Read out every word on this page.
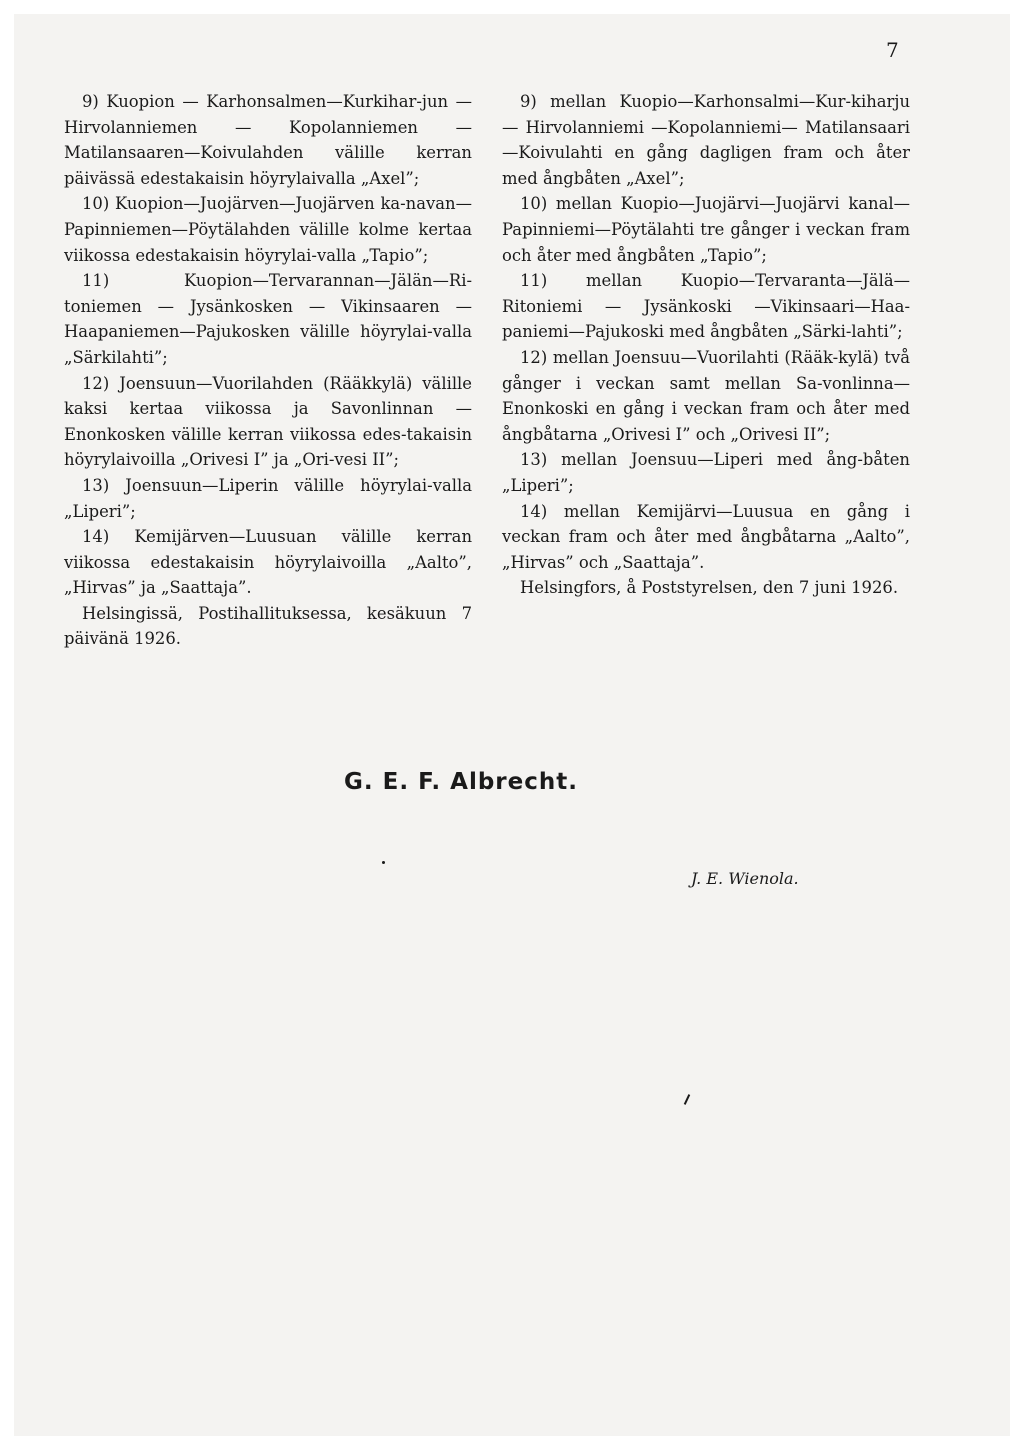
7

9) Kuopion — Karhonsalmen—Kurkihar-jun — Hirvolanniemen — Kopolanniemen — Matilansaaren—Koivulahden välille kerran päivässä edestakaisin höyrylaivalla „Axel”;

10) Kuopion—Juojärven—Juojärven ka-navan—Papinniemen—Pöytälahden välille kolme kertaa viikossa edestakaisin höyrylai-valla „Tapio”;

11) Kuopion—Tervarannan—Jälän—Ri-toniemen — Jysänkosken — Vikinsaaren — Haapaniemen—Pajukosken välille höyrylai-valla „Särkilahti”;

12) Joensuun—Vuorilahden (Rääkkylä) välille kaksi kertaa viikossa ja Savonlinnan —Enonkosken välille kerran viikossa edes-takaisin höyrylaivoilla „Orivesi I” ja „Ori-vesi II”;

13) Joensuun—Liperin välille höyrylai-valla „Liperi”;

14) Kemijärven—Luusuan välille kerran viikossa edestakaisin höyrylaivoilla „Aalto”, „Hirvas” ja „Saattaja”.

Helsingissä, Postihallituksessa, kesäkuun 7 päivänä 1926.

9) mellan Kuopio—Karhonsalmi—Kur-kiharju — Hirvolanniemi —Kopolanniemi— Matilansaari—Koivulahti en gång dagligen fram och åter med ångbåten „Axel”;

10) mellan Kuopio—Juojärvi—Juojärvi kanal—Papinniemi—Pöytälahti tre gånger i veckan fram och åter med ångbåten „Tapio”;

11) mellan Kuopio—Tervaranta—Jälä—Ritoniemi — Jysänkoski —Vikinsaari—Haa-paniemi—Pajukoski med ångbåten „Särki-lahti”;

12) mellan Joensuu—Vuorilahti (Rääk-kylä) två gånger i veckan samt mellan Sa-vonlinna—Enonkoski en gång i veckan fram och åter med ångbåtarna „Orivesi I” och „Orivesi II”;

13) mellan Joensuu—Liperi med ång-båten „Liperi”;

14) mellan Kemijärvi—Luusua en gång i veckan fram och åter med ångbåtarna „Aalto”, „Hirvas” och „Saattaja”.

Helsingfors, å Poststyrelsen, den 7 juni 1926.

G. E. F. Albrecht.
J. E. Wienola.
